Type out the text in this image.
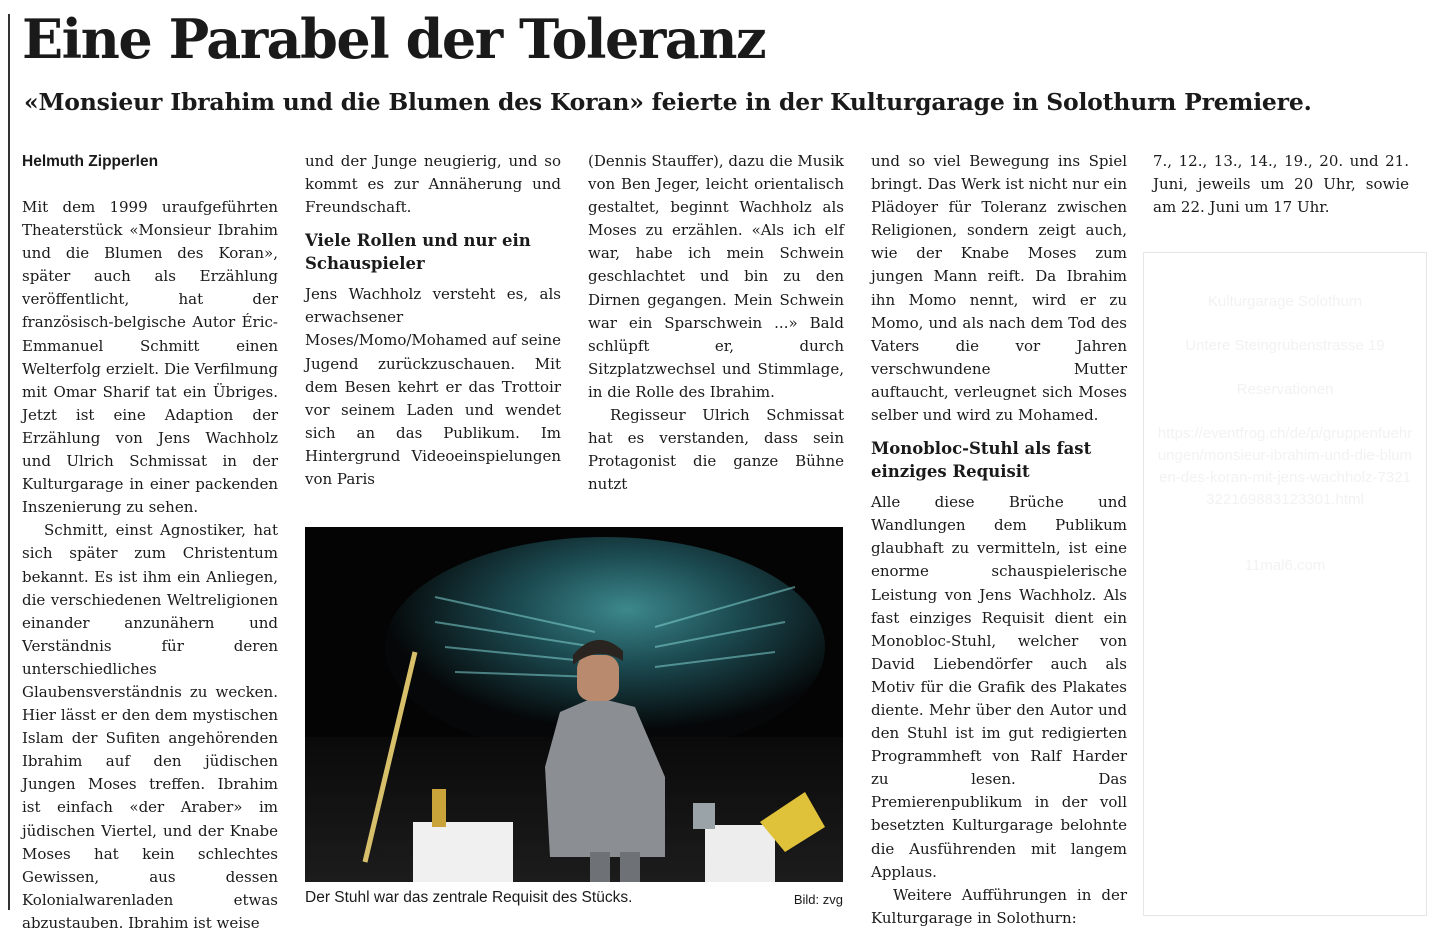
Eine Parabel der Toleranz
«Monsieur Ibrahim und die Blumen des Koran» feierte in der Kulturgarage in Solothurn Premiere.
Helmuth Zipperlen

Mit dem 1999 uraufgeführten Theaterstück «Monsieur Ibrahim und die Blumen des Koran», später auch als Erzählung veröffentlicht, hat der französisch-belgische Autor Éric-Emmanuel Schmitt einen Welterfolg erzielt. Die Verfilmung mit Omar Sharif tat ein Übriges. Jetzt ist eine Adaption der Erzählung von Jens Wachholz und Ulrich Schmissat in der Kulturgarage in einer packenden Inszenierung zu sehen.

Schmitt, einst Agnostiker, hat sich später zum Christentum bekannt. Es ist ihm ein Anliegen, die verschiedenen Weltreligionen einander anzunähern und Verständnis für deren unterschiedliches Glaubensverständnis zu wecken. Hier lässt er den dem mystischen Islam der Sufiten angehörenden Ibrahim auf den jüdischen Jungen Moses treffen. Ibrahim ist einfach «der Araber» im jüdischen Viertel, und der Knabe Moses hat kein schlechtes Gewissen, aus dessen Kolonialwarenladen etwas abzustauben. Ibrahim ist weise

und der Junge neugierig, und so kommt es zur Annäherung und Freundschaft.

Viele Rollen und nur ein Schauspieler

Jens Wachholz versteht es, als erwachsener Moses/Momo/Mohamed auf seine Jugend zurückzuschauen. Mit dem Besen kehrt er das Trottoir vor seinem Laden und wendet sich an das Publikum. Im Hintergrund Videoeinspielungen von Paris

(Dennis Stauffer), dazu die Musik von Ben Jeger, leicht orientalisch gestaltet, beginnt Wachholz als Moses zu erzählen. «Als ich elf war, habe ich mein Schwein geschlachtet und bin zu den Dirnen gegangen. Mein Schwein war ein Sparschwein ...» Bald schlüpft er, durch Sitzplatzwechsel und Stimmlage, in die Rolle des Ibrahim.

Regisseur Ulrich Schmissat hat es verstanden, dass sein Protagonist die ganze Bühne nutzt

und so viel Bewegung ins Spiel bringt. Das Werk ist nicht nur ein Plädoyer für Toleranz zwischen Religionen, sondern zeigt auch, wie der Knabe Moses zum jungen Mann reift. Da Ibrahim ihn Momo nennt, wird er zu Momo, und als nach dem Tod des Vaters die vor Jahren verschwundene Mutter auftaucht, verleugnet sich Moses selber und wird zu Mohamed.

Monobloc-Stuhl als fast einziges Requisit

Alle diese Brüche und Wandlungen dem Publikum glaubhaft zu vermitteln, ist eine enorme schauspielerische Leistung von Jens Wachholz. Als fast einziges Requisit dient ein Monobloc-Stuhl, welcher von David Liebendörfer auch als Motiv für die Grafik des Plakates diente. Mehr über den Autor und den Stuhl ist im gut redigierten Programmheft von Ralf Harder zu lesen. Das Premierenpublikum in der voll besetzten Kulturgarage belohnte die Ausführenden mit langem Applaus.

Weitere Aufführungen in der Kulturgarage in Solothurn:

7., 12., 13., 14., 19., 20. und 21. Juni, jeweils um 20 Uhr, sowie am 22. Juni um 17 Uhr.

Der Stuhl war das zentrale Requisit des Stücks.	Bild: zvg
Kulturgarage Solothurn
Untere Steingrubenstrasse 19
Reservationen
https://eventfrog.ch/de/p/gruppenfuehrungen/monsieur-ibrahim-und-die-blumen-des-koran-mit-jens-wachholz-7321322169883123301.html
11mal6.com
